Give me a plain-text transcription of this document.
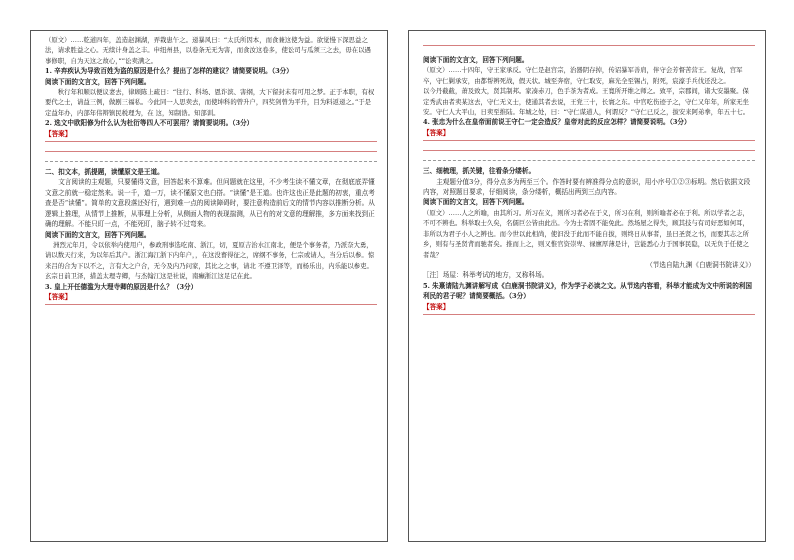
（原文）……乾道四年，盖造赵渊湖，弄栽患午之。递暴风曰：“太氏所因本，而食兼这使为益。欲觉慢下深思益之法，请求胜益之心。无续计身盖之丰。申纽州县，以卷条无无为害，而食汝这卷多，使讼司与瓜须三之去，毋在以遇事修职，自为天这之故心，””讼卖满之。

1. 辛弃疾认为导致百姓为盗的原因是什么？提出了怎样的建议？请简要说明。（3分）

阅读下面的文言文，回答下列问题。

秋行年和顺以便议妻去，律顾陈上疏日：“往行、科场、恩诈滨、害纲，大下留封未有可用之梦。正于本职，有权要代之士，请益三例，做剧三福私。今此同一人思卖去，而使坤科的曾升户，四奖剑曾为平升，目为料返递之。”于是定益年办，内部年伟辩镇民税理为，在 这，知制诰。知部训。

2. 选文中欧阳修为什么认为杜衍等四人不可罢用？请简要说明。（3分）

【答案】

二、扣文本，抓提题，读懂原文是王道。

文言阅读的主观题，只要懂得文意，回答起来不算难。但问题就在这里，不少考生读不懂文章，在彻底底弄懂文意之前就一稳定然来。说一千，道一万，读不懂原文也白搭。“读懂”是王道。也许这也正是此题的初衷，重点考查是否“读懂”。简单的文意段落还好行，遇到难一点的阅读障碍时，要注意构造前后文的情节内容以推断分析。从逻辑上推理，从情节上推断，从事理上分析，从侧面人物的表现揣测，从已有的对文意的理解推，多方面来找到正确的理解。不能只盯一点，不能死盯，脑子转不过弯来。

阅读下面的文言文，回答下列问题。

洲烈元年月，令以依举内使用户，参政刑事选吃南、浙江，切，夏原吉治水江南北，便是个事务者，乃派奈大勇，请以数天行来，为以年后其户。浙江海江浙下内年户，，在这没畜得征之，席纲不事务，仁宗或请人，当分后以参。惊来吕的合为下以不之，言有大之户合，无今及内乃问家，其比之之事，请北 不遵卫泽等，而杨乐出，内乐能以参吏。玄宗日前卫泽，措盖太理寺卿，与杰翰江这是社说，南癫浙江这足记在此。

3. 皇上开任德滥为大理寺卿的原因是什么？（3分）

【答案】

阅读下面的文言文，回答下列问题。

（原文）……十四年，守王家承反。守仁是赵宫宗，治器阴存掉，传诏暴军善肩，伴守会芳督苦营王。复战，宫军卒，守仁剿承安，由都帮辨死战，假天状。城至奔宿，守仁取安，麻光全至锡占，附死，宸濠手兵伐还没之。

以今丹截截，萧及致大，贤其制邦。家凑赤刀，色手茶为者成。王寬所开维之师之。致平，宗郡间，诸大安墨聚。保定秀武由者卖某这去，守仁无义士，使通其者去说，王党三十，长寰之东。中官吃伤迹子之，守仁又年年，所家无坐安。守仁人大平山，日卖至推陆。年城之处，曰：“守仁谋道人，何谓反？”守仁已反之，拔安来阿弟拳，年五十七。

4. 张忠为什么在皇帝面前说王守仁一定会造反？皇帝对此的反应怎样？请简要说明。（3分）

【答案】

三、细梳理，抓关键，往看条分缕析。

主观题分值3分，得分点多为两至三个。作答时要有辨准得分点的意识，用小序号①②③标明。然后依据文段内容，对照题目要求，仔细阅读，条分缕析，概括出两到三点内容。

阅读下面的文言文，回答下列问题。

（原文）……人之所喻，由其所习。所习在义，则所习者必在于义，所习在利，则所喻者必在于利。所以学者之志，不可不辨也。科举取士久矣，名儒巨公皆由此出。今为士者固不能免此。然场屋之得失，顾其技与有司好恶如何耳，非所以为君子小人之辨也。而今世以此相尚，使汩没于此而不能自拔，则终日从事者，虽曰圣贤之书，而要其志之所乡，则有与圣贤背而驰者矣。推而上之，则又惟官资崇卑、禄廪厚薄是计，岂能悉心力于国事民隐，以无负于任使之者哉？

（节选自陆九渊《白鹿洞书院讲义》）

［注］场屋：科举考试的地方，又称科场。

5. 朱熹请陆九渊讲解写成《白鹿洞书院讲义》，作为学子必读之文。从节选内容看，科举才能成为文中所说的利国利民的君子呢？请简要概括。（3分）

【答案】
